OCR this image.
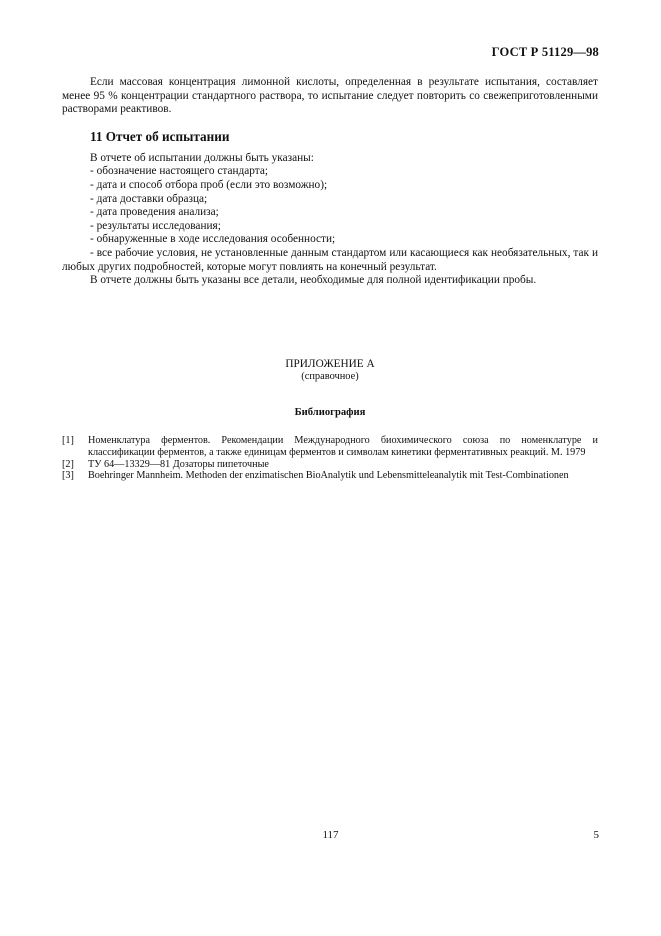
ГОСТ Р 51129—98

Если массовая концентрация лимонной кислоты, определенная в результате испытания, составляет менее 95 % концентрации стандартного раствора, то испытание следует повторить со свежеприготовленными растворами реактивов.

11 Отчет об испытании

В отчете об испытании должны быть указаны:

- обозначение настоящего стандарта;
- дата и способ отбора проб (если это возможно);
- дата доставки образца;
- дата проведения анализа;
- результаты исследования;
- обнаруженные в ходе исследования особенности;
- все рабочие условия, не установленные данным стандартом или касающиеся как необязательных, так и любых других подробностей, которые могут повлиять на конечный результат.

В отчете должны быть указаны все детали, необходимые для полной идентификации пробы.

ПРИЛОЖЕНИЕ А
(справочное)
Библиография
[1]	Номенклатура ферментов. Рекомендации Международного биохимического союза по номенклатуре и классификации ферментов, а также единицам ферментов и символам кинетики ферментативных реакций. М. 1979
[2]	ТУ 64—13329—81 Дозаторы пипеточные
[3]	Boehringer Mannheim. Methoden der enzimatischen BioAnalytik und Lebensmitteleanalytik mit Test-Combinationen
117	5
